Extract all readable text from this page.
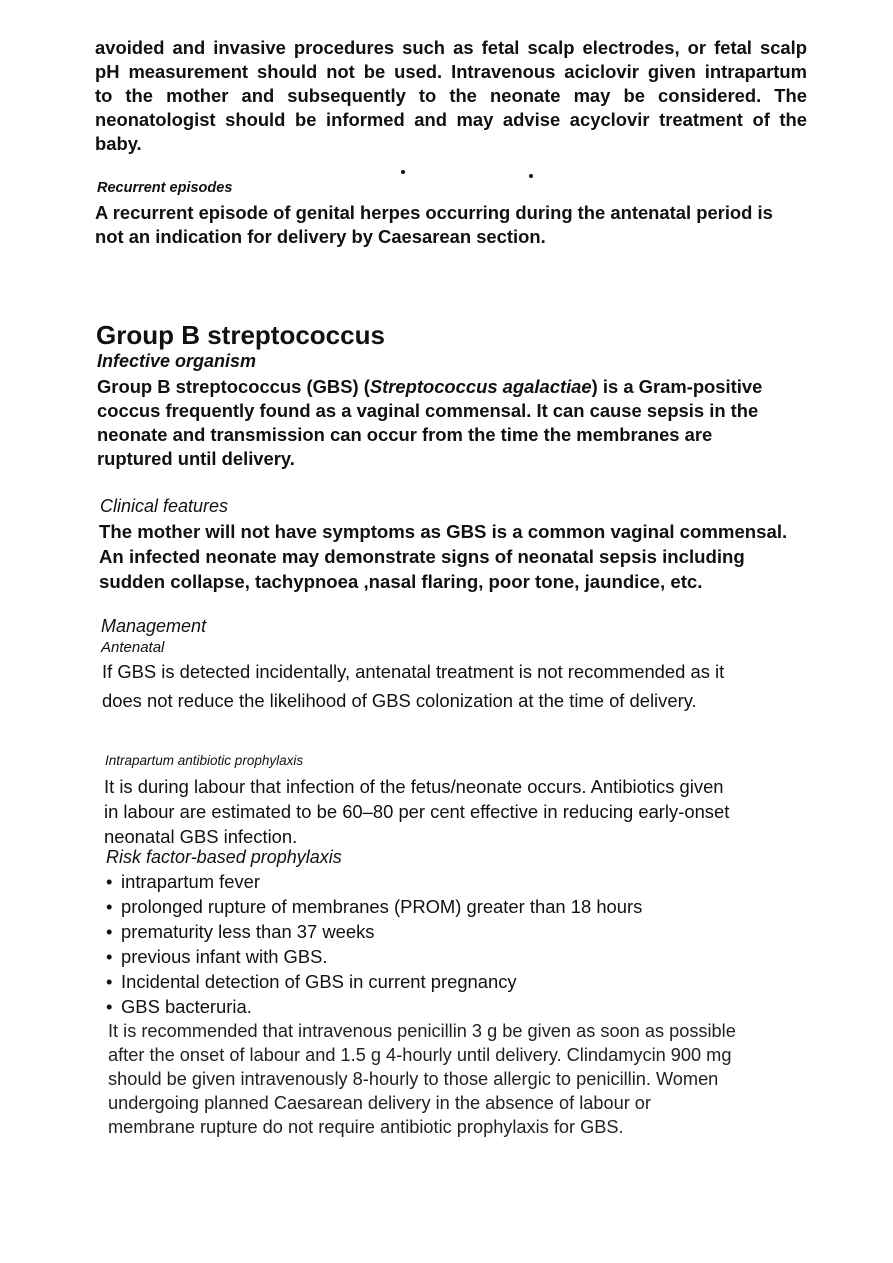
avoided and invasive procedures such as fetal scalp electrodes, or fetal scalp
pH measurement should not be used. Intravenous aciclovir given intrapartum
to the mother and subsequently to the neonate may be considered. The
neonatologist should be informed and may advise acyclovir treatment of the
baby.
Recurrent episodes
A recurrent episode of genital herpes occurring during the antenatal period is
not an indication for delivery by Caesarean section.
Group B streptococcus
Infective organism
Group B streptococcus (GBS) (Streptococcus agalactiae) is a Gram-positive
coccus frequently found as a vaginal commensal. It can cause sepsis in the
neonate and transmission can occur from the time the membranes are
ruptured until delivery.
Clinical features
The mother will not have symptoms as GBS is a common vaginal commensal.
An infected neonate may demonstrate signs of neonatal sepsis including
sudden collapse, tachypnoea ,nasal flaring, poor tone, jaundice, etc.
Management
Antenatal
If GBS is detected incidentally, antenatal treatment is not recommended as it
does not reduce the likelihood of GBS colonization at the time of delivery.
Intrapartum antibiotic prophylaxis
It is during labour that infection of the fetus/neonate occurs. Antibiotics given
in labour are estimated to be 60–80 per cent effective in reducing early-onset
neonatal GBS infection.
Risk factor-based prophylaxis
• intrapartum fever
• prolonged rupture of membranes (PROM) greater than 18 hours
• prematurity less than 37 weeks
• previous infant with GBS.
• Incidental detection of GBS in current pregnancy
• GBS bacteruria.
It is recommended that intravenous penicillin 3 g be given as soon as possible
after the onset of labour and 1.5 g 4-hourly until delivery. Clindamycin 900 mg
should be given intravenously 8-hourly to those allergic to penicillin. Women
undergoing planned Caesarean delivery in the absence of labour or
membrane rupture do not require antibiotic prophylaxis for GBS.
